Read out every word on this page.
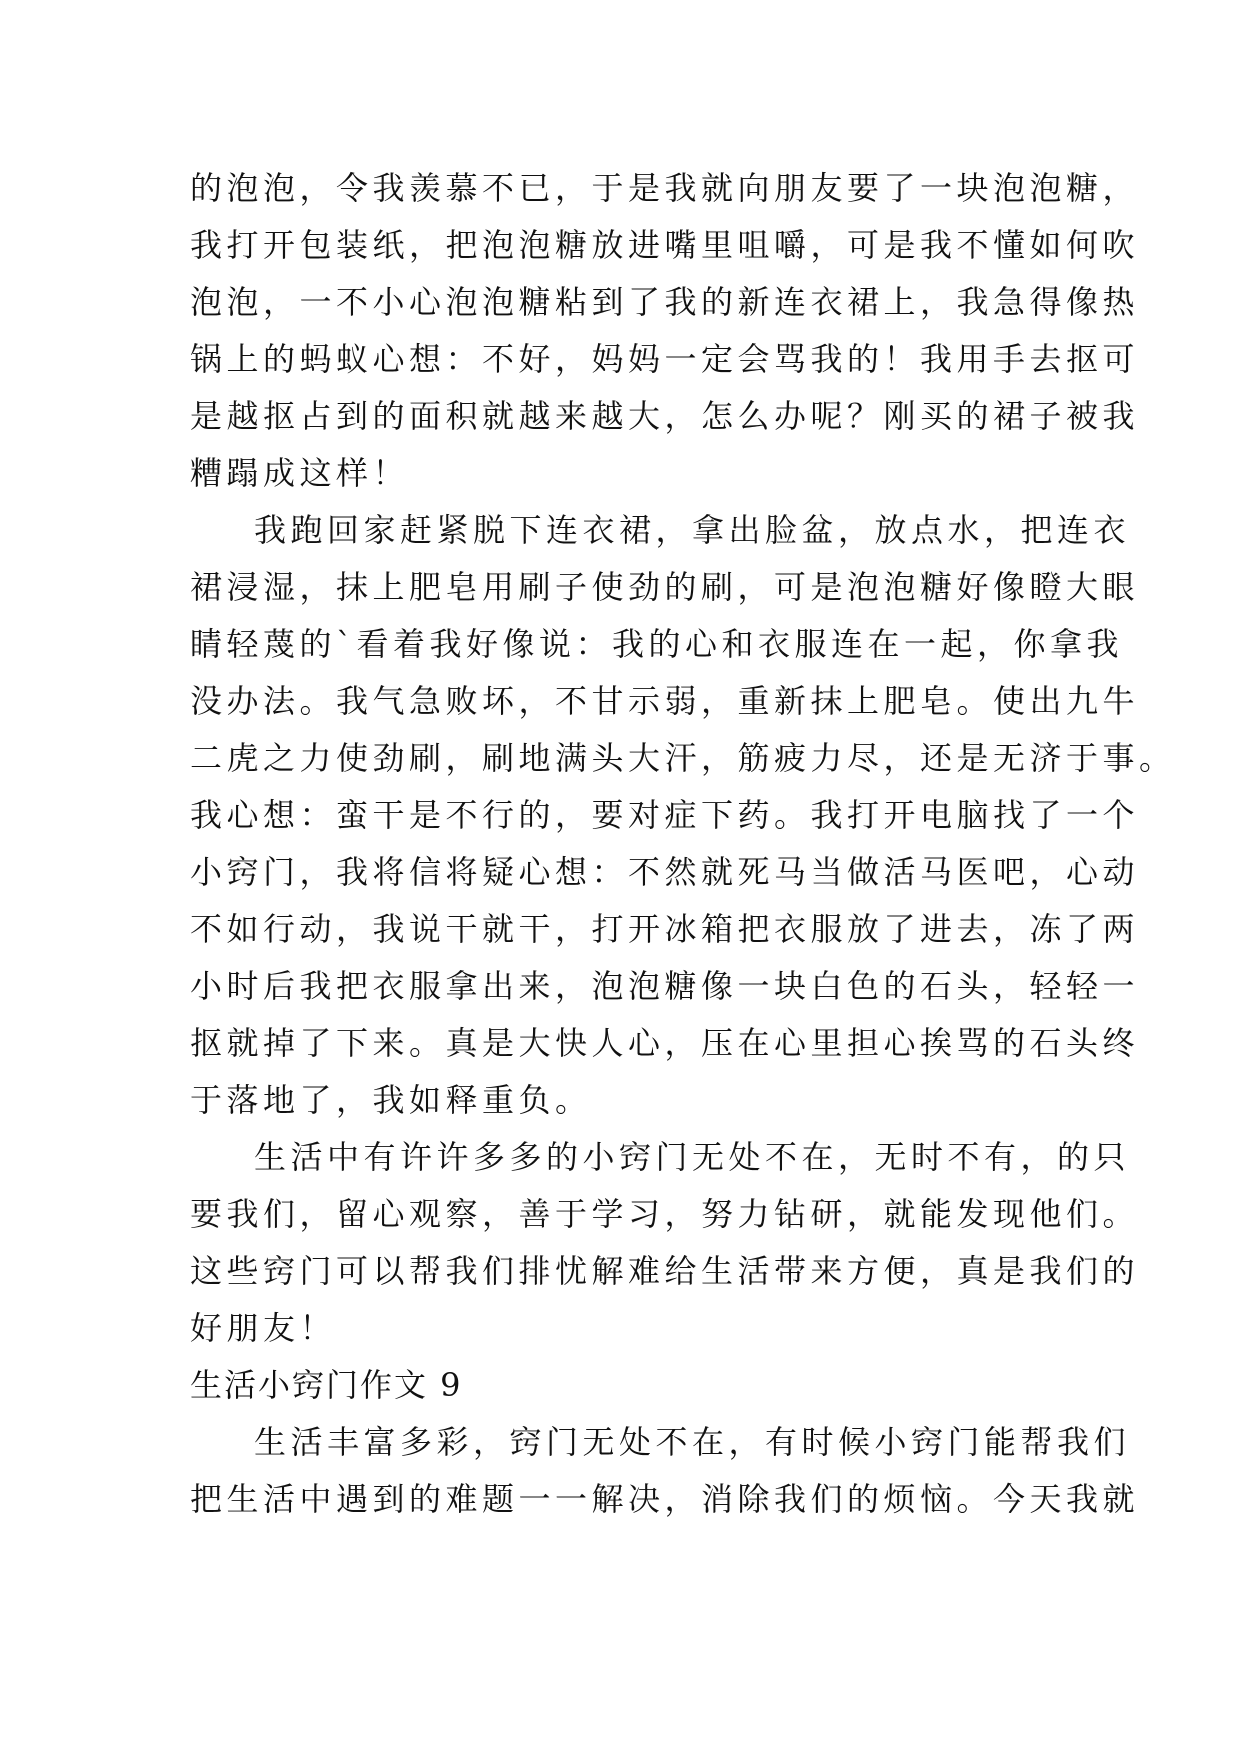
的泡泡，令我羡慕不已，于是我就向朋友要了一块泡泡糖，
我打开包装纸，把泡泡糖放进嘴里咀嚼，可是我不懂如何吹
泡泡，一不小心泡泡糖粘到了我的新连衣裙上，我急得像热
锅上的蚂蚁心想：不好，妈妈一定会骂我的！我用手去抠可
是越抠占到的面积就越来越大，怎么办呢？刚买的裙子被我
糟蹋成这样！
我跑回家赶紧脱下连衣裙，拿出脸盆，放点水，把连衣
裙浸湿，抹上肥皂用刷子使劲的刷，可是泡泡糖好像瞪大眼
睛轻蔑的`看着我好像说：我的心和衣服连在一起，你拿我
没办法。我气急败坏，不甘示弱，重新抹上肥皂。使出九牛
二虎之力使劲刷，刷地满头大汗，筋疲力尽，还是无济于事。
我心想：蛮干是不行的，要对症下药。我打开电脑找了一个
小窍门，我将信将疑心想：不然就死马当做活马医吧，心动
不如行动，我说干就干，打开冰箱把衣服放了进去，冻了两
小时后我把衣服拿出来，泡泡糖像一块白色的石头，轻轻一
抠就掉了下来。真是大快人心，压在心里担心挨骂的石头终
于落地了，我如释重负。
生活中有许许多多的小窍门无处不在，无时不有，的只
要我们，留心观察，善于学习，努力钻研，就能发现他们。
这些窍门可以帮我们排忧解难给生活带来方便，真是我们的
好朋友！
生活小窍门作文 9
生活丰富多彩，窍门无处不在，有时候小窍门能帮我们
把生活中遇到的难题一一解决，消除我们的烦恼。今天我就
